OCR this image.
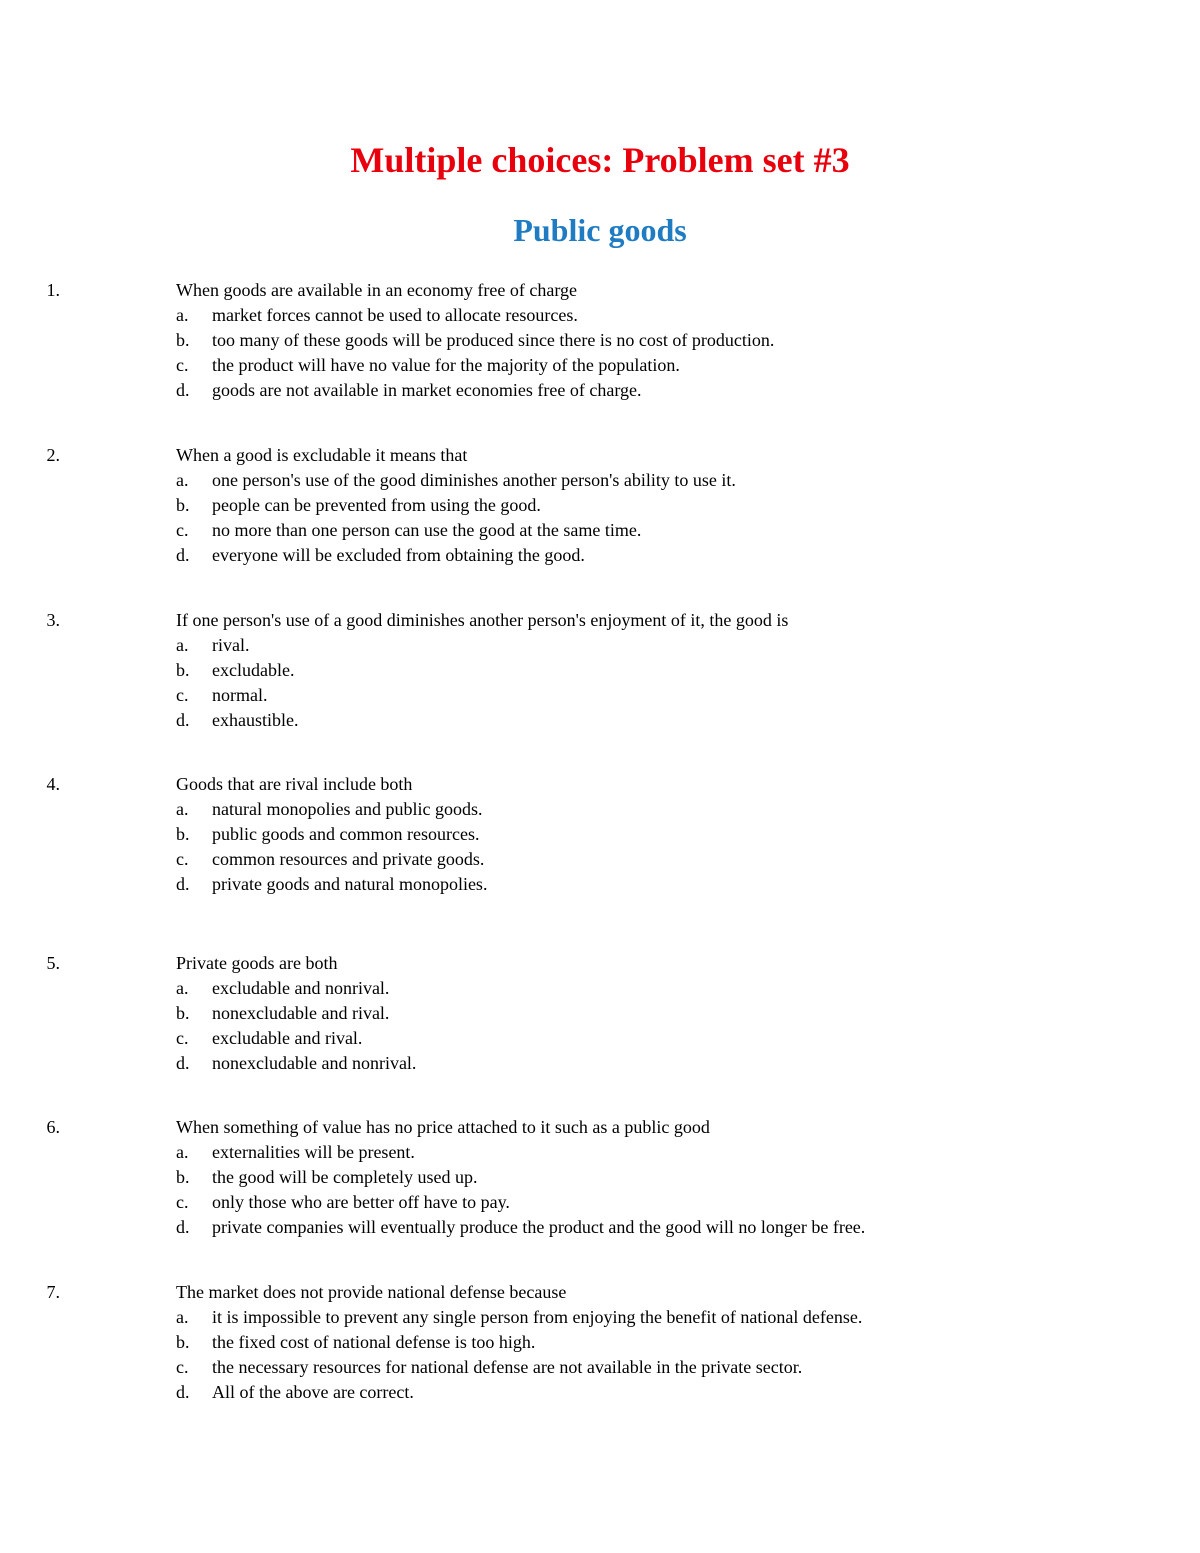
Multiple choices: Problem set #3
Public goods
1.	When goods are available in an economy free of charge
a. market forces cannot be used to allocate resources.
b. too many of these goods will be produced since there is no cost of production.
c. the product will have no value for the majority of the population.
d. goods are not available in market economies free of charge.
2.	When a good is excludable it means that
a. one person's use of the good diminishes another person's ability to use it.
b. people can be prevented from using the good.
c. no more than one person can use the good at the same time.
d. everyone will be excluded from obtaining the good.
3.	If one person's use of a good diminishes another person's enjoyment of it, the good is
a. rival.
b. excludable.
c. normal.
d. exhaustible.
4.	Goods that are rival include both
a. natural monopolies and public goods.
b. public goods and common resources.
c. common resources and private goods.
d. private goods and natural monopolies.
5.	Private goods are both
a. excludable and nonrival.
b. nonexcludable and rival.
c. excludable and rival.
d. nonexcludable and nonrival.
6.	When something of value has no price attached to it such as a public good
a. externalities will be present.
b. the good will be completely used up.
c. only those who are better off have to pay.
d. private companies will eventually produce the product and the good will no longer be free.
7.	The market does not provide national defense because
a. it is impossible to prevent any single person from enjoying the benefit of national defense.
b. the fixed cost of national defense is too high.
c. the necessary resources for national defense are not available in the private sector.
d. All of the above are correct.
